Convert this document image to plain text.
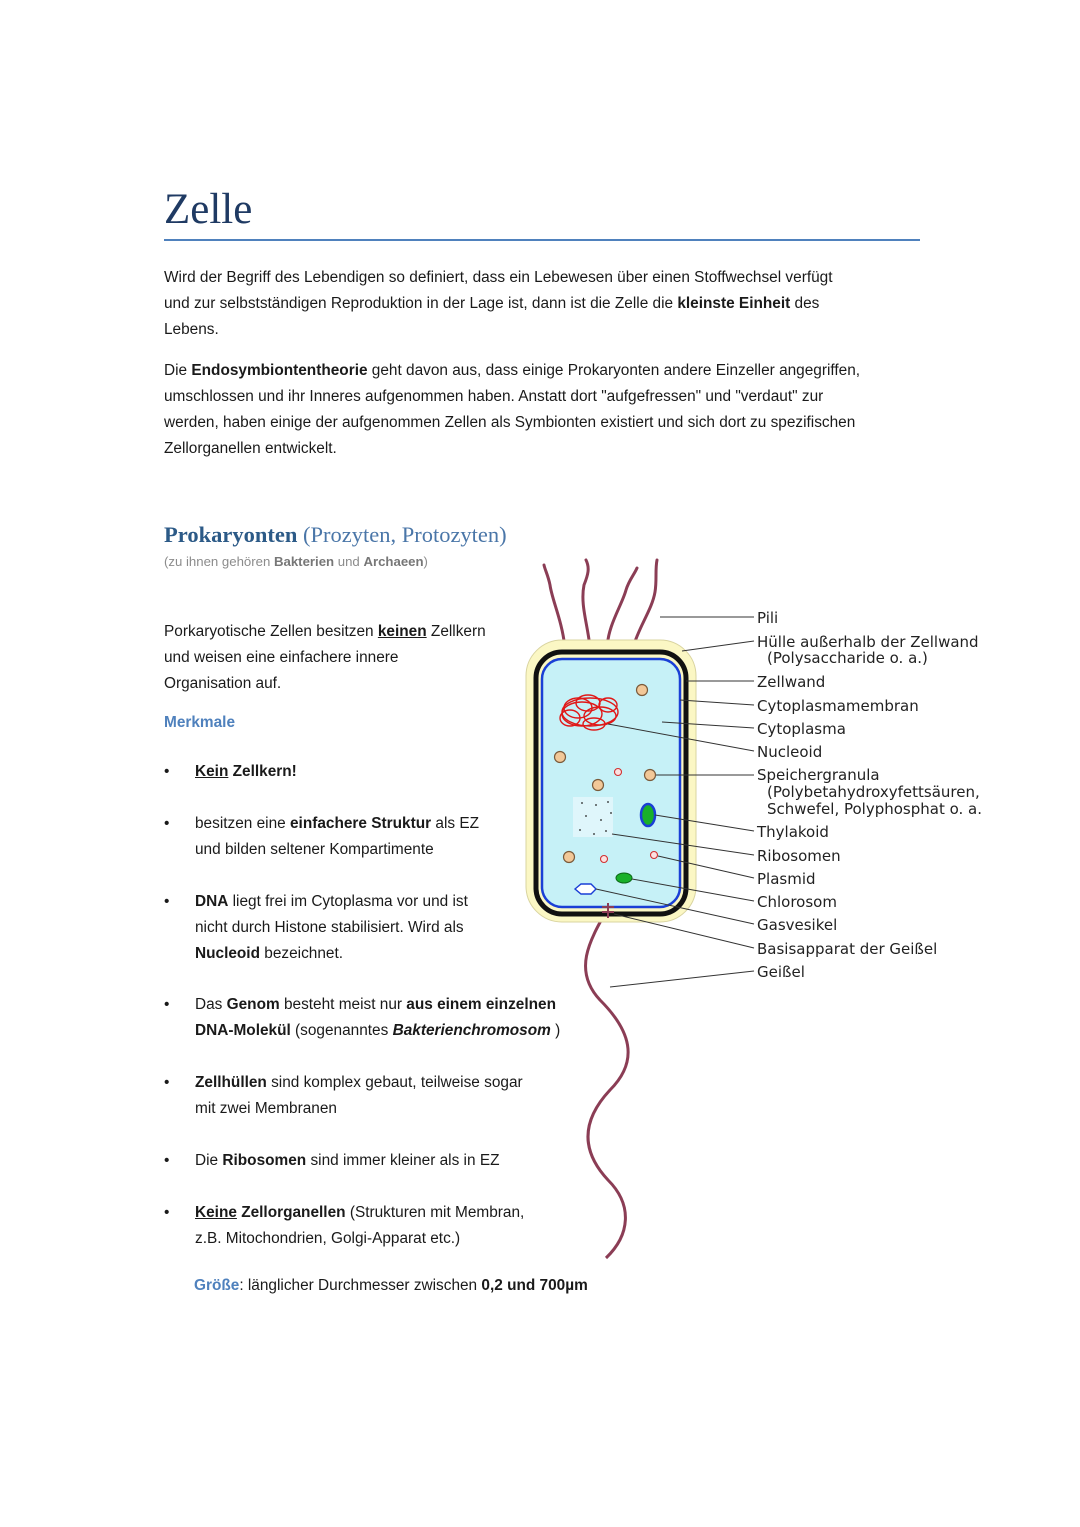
Zelle
Wird der Begriff des Lebendigen so definiert, dass ein Lebewesen über einen Stoffwechsel verfügt
und zur selbstständigen Reproduktion in der Lage ist, dann ist die Zelle die kleinste Einheit des
Lebens.
Die Endosymbiontentheorie geht davon aus, dass einige Prokaryonten andere Einzeller angegriffen,
umschlossen und ihr Inneres aufgenommen haben. Anstatt dort "aufgefressen" und "verdaut" zur
werden, haben einige der aufgenommen Zellen als Symbionten existiert und sich dort zu spezifischen
Zellorganellen entwickelt.
Prokaryonten (Prozyten, Protozyten)
(zu ihnen gehören Bakterien und Archaeen)
Porkaryotische Zellen besitzen keinen Zellkern
und weisen eine einfachere innere
Organisation auf.
Merkmale
•	Kein Zellkern!
•	besitzen eine einfachere Struktur als EZ
und bilden seltener Kompartimente
•	DNA liegt frei im Cytoplasma vor und ist
nicht durch Histone stabilisiert. Wird als
Nucleoid bezeichnet.
•	Das Genom besteht meist nur aus einem einzelnen
DNA-Molekül (sogenanntes Bakterienchromosom )
•	Zellhüllen sind komplex gebaut, teilweise sogar
mit zwei Membranen
•	Die Ribosomen sind immer kleiner als in EZ
•	Keine Zellorganellen (Strukturen mit Membran,
z.B. Mitochondrien, Golgi-Apparat etc.)
Größe: länglicher Durchmesser zwischen 0,2 und 700µm
Pili
Hülle außerhalb der Zellwand
(Polysaccharide o. a.)
Zellwand
Cytoplasmamembran
Cytoplasma
Nucleoid
Speichergranula
(Polybetahydroxyfettsäuren,
Schwefel, Polyphosphat o. a.
Thylakoid
Ribosomen
Plasmid
Chlorosom
Gasvesikel
Basisapparat der Geißel
Geißel
